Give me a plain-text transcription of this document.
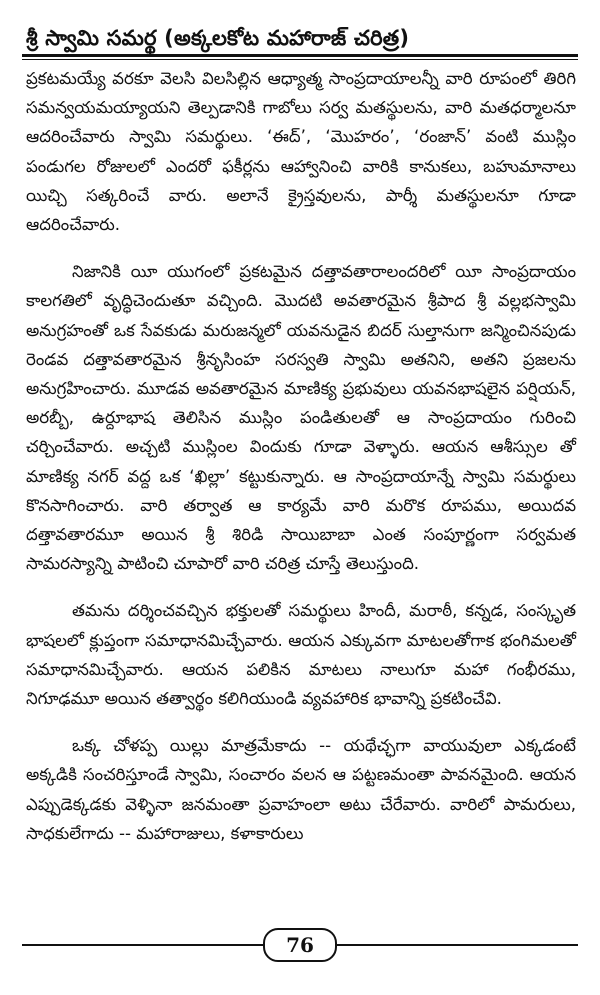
శ్రీ స్వామి సమర్థ (అక్కలకోట మహారాజ్ చరిత్ర)

ప్రకటమయ్యే వరకూ వెలసి విలసిల్లిన ఆధ్యాత్మ సాంప్రదాయాలన్నీ వారి రూపంలో తిరిగి సమన్వయమయ్యాయని తెల్పడానికి గాబోలు సర్వ మతస్థులను, వారి మతధర్మాలనూ ఆదరించేవారు స్వామి సమర్థులు. ‘ఈద్’, ‘మొహరం’, ‘రంజాన్’ వంటి ముస్లిం పండుగల రోజులలో ఎందరో ఫకీర్లను ఆహ్వానించి వారికి కానుకలు, బహుమానాలు యిచ్చి సత్కరించే వారు. అలానే క్రైస్తవులను, పార్శీ మతస్థులనూ గూడా ఆదరించేవారు.

నిజానికి యీ యుగంలో ప్రకటమైన దత్తావతారాలందరిలో యీ సాంప్రదాయం కాలగతిలో వృద్ధిచెందుతూ వచ్చింది. మొదటి అవతారమైన శ్రీపాద శ్రీ వల్లభస్వామి అనుగ్రహంతో ఒక సేవకుడు మరుజన్మలో యవనుడైన బిదర్ సుల్తానుగా జన్మించినపుడు రెండవ దత్తావతారమైన శ్రీనృసింహ సరస్వతి స్వామి అతనిని, అతని ప్రజలను అనుగ్రహించారు. మూడవ అవతారమైన మాణిక్య ప్రభువులు యవనభాషలైన పర్షియన్, అరబ్బీ, ఉర్దూభాష తెలిసిన ముస్లిం పండితులతో ఆ సాంప్రదాయం గురించి చర్చించేవారు. అచ్చటి ముస్లింల విందుకు గూడా వెళ్ళారు. ఆయన ఆశీస్సుల తో మాణిక్య నగర్ వద్ద ఒక ‘ఖిల్లా’ కట్టుకున్నారు. ఆ సాంప్రదాయాన్నే స్వామి సమర్థులు కొనసాగించారు. వారి తర్వాత ఆ కార్యమే వారి మరొక రూపము, అయిదవ దత్తావతారమూ అయిన శ్రీ శిరిడి సాయిబాబా ఎంత సంపూర్ణంగా సర్వమత సామరస్యాన్ని పాటించి చూపారో వారి చరిత్ర చూస్తే తెలుస్తుంది.

తమను దర్శించవచ్చిన భక్తులతో సమర్థులు హిందీ, మరాఠీ, కన్నడ, సంస్కృత భాషలలో క్లుప్తంగా సమాధానమిచ్చేవారు. ఆయన ఎక్కువగా మాటలతోగాక భంగిమలతో సమాధానమిచ్చేవారు. ఆయన పలికిన మాటలు నాలుగూ మహా గంభీరము, నిగూఢమూ అయిన తత్వార్థం కలిగియుండి వ్యవహారిక భావాన్ని ప్రకటించేవి.

ఒక్క చోళప్ప యిల్లు మాత్రమేకాదు -- యథేచ్ఛగా వాయువులా ఎక్కడంటే అక్కడికి సంచరిస్తూండే స్వామి, సంచారం వలన ఆ పట్టణమంతా పావనమైంది. ఆయన ఎప్పుడెక్కడకు వెళ్ళినా జనమంతా ప్రవాహంలా అటు చేరేవారు. వారిలో పామరులు, సాధకులేగాదు -- మహారాజులు, కళాకారులు

76
